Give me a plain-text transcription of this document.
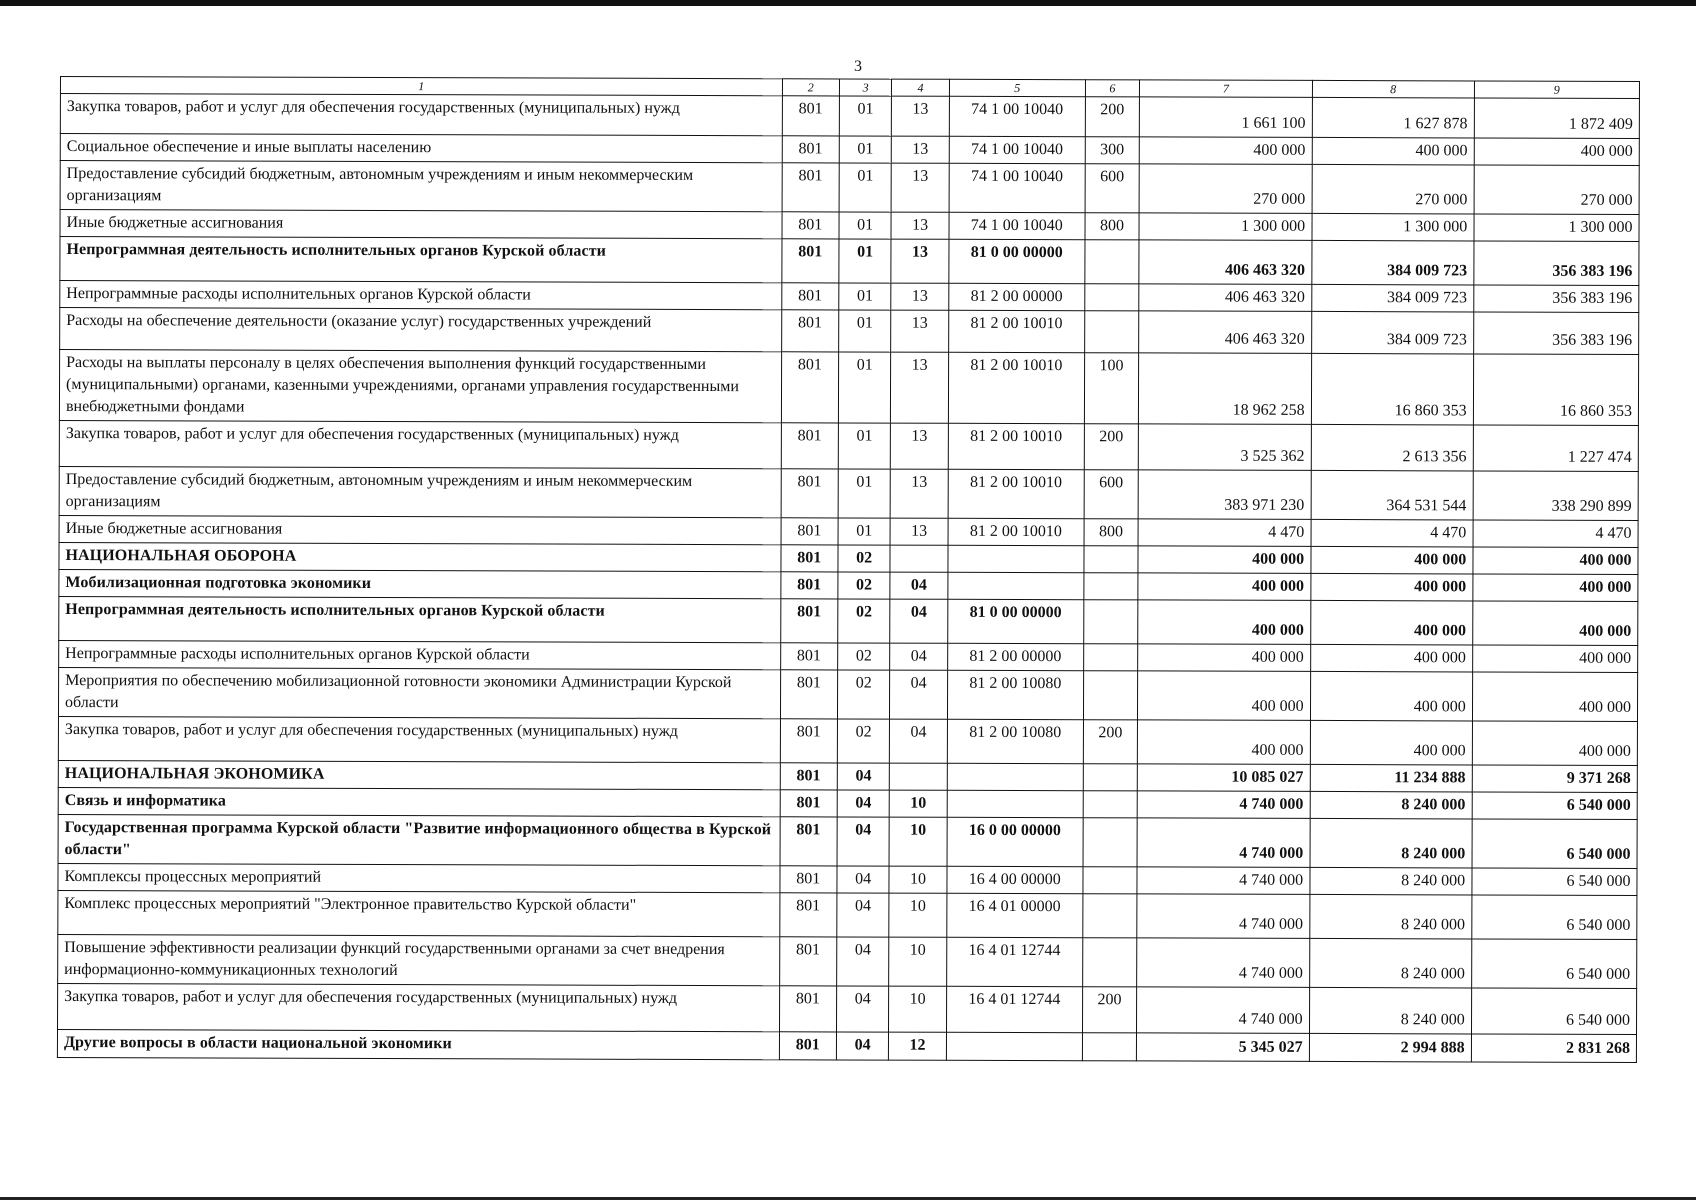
3
1	2	3	4	5	6	7	8	9
Закупка товаров, работ и услуг для обеспечения государственных (муниципальных) нужд	801	01	13	74 1 00 10040	200	1 661 100	1 627 878	1 872 409
Социальное обеспечение и иные выплаты населению	801	01	13	74 1 00 10040	300	400 000	400 000	400 000
Предоставление субсидий бюджетным, автономным учреждениям и иным некоммерческим организациям	801	01	13	74 1 00 10040	600	270 000	270 000	270 000
Иные бюджетные ассигнования	801	01	13	74 1 00 10040	800	1 300 000	1 300 000	1 300 000
Непрограммная деятельность исполнительных органов Курской области	801	01	13	81 0 00 00000		406 463 320	384 009 723	356 383 196
Непрограммные расходы исполнительных органов Курской области	801	01	13	81 2 00 00000		406 463 320	384 009 723	356 383 196
Расходы на обеспечение деятельности (оказание услуг) государственных учреждений	801	01	13	81 2 00 10010		406 463 320	384 009 723	356 383 196
Расходы на выплаты персоналу в целях обеспечения выполнения функций государственными (муниципальными) органами, казенными учреждениями, органами управления государственными внебюджетными фондами	801	01	13	81 2 00 10010	100	18 962 258	16 860 353	16 860 353
Закупка товаров, работ и услуг для обеспечения государственных (муниципальных) нужд	801	01	13	81 2 00 10010	200	3 525 362	2 613 356	1 227 474
Предоставление субсидий бюджетным, автономным учреждениям и иным некоммерческим организациям	801	01	13	81 2 00 10010	600	383 971 230	364 531 544	338 290 899
Иные бюджетные ассигнования	801	01	13	81 2 00 10010	800	4 470	4 470	4 470
НАЦИОНАЛЬНАЯ ОБОРОНА	801	02				400 000	400 000	400 000
Мобилизационная подготовка экономики	801	02	04			400 000	400 000	400 000
Непрограммная деятельность исполнительных органов Курской области	801	02	04	81 0 00 00000		400 000	400 000	400 000
Непрограммные расходы исполнительных органов Курской области	801	02	04	81 2 00 00000		400 000	400 000	400 000
Мероприятия по обеспечению мобилизационной готовности экономики Администрации Курской области	801	02	04	81 2 00 10080		400 000	400 000	400 000
Закупка товаров, работ и услуг для обеспечения государственных (муниципальных) нужд	801	02	04	81 2 00 10080	200	400 000	400 000	400 000
НАЦИОНАЛЬНАЯ ЭКОНОМИКА	801	04				10 085 027	11 234 888	9 371 268
Связь и информатика	801	04	10			4 740 000	8 240 000	6 540 000
Государственная программа Курской области "Развитие информационного общества в Курской области"	801	04	10	16 0 00 00000		4 740 000	8 240 000	6 540 000
Комплексы процессных мероприятий	801	04	10	16 4 00 00000		4 740 000	8 240 000	6 540 000
Комплекс процессных мероприятий "Электронное правительство Курской области"	801	04	10	16 4 01 00000		4 740 000	8 240 000	6 540 000
Повышение эффективности реализации функций государственными органами за счет внедрения информационно-коммуникационных технологий	801	04	10	16 4 01 12744		4 740 000	8 240 000	6 540 000
Закупка товаров, работ и услуг для обеспечения государственных (муниципальных) нужд	801	04	10	16 4 01 12744	200	4 740 000	8 240 000	6 540 000
Другие вопросы в области национальной экономики	801	04	12			5 345 027	2 994 888	2 831 268
